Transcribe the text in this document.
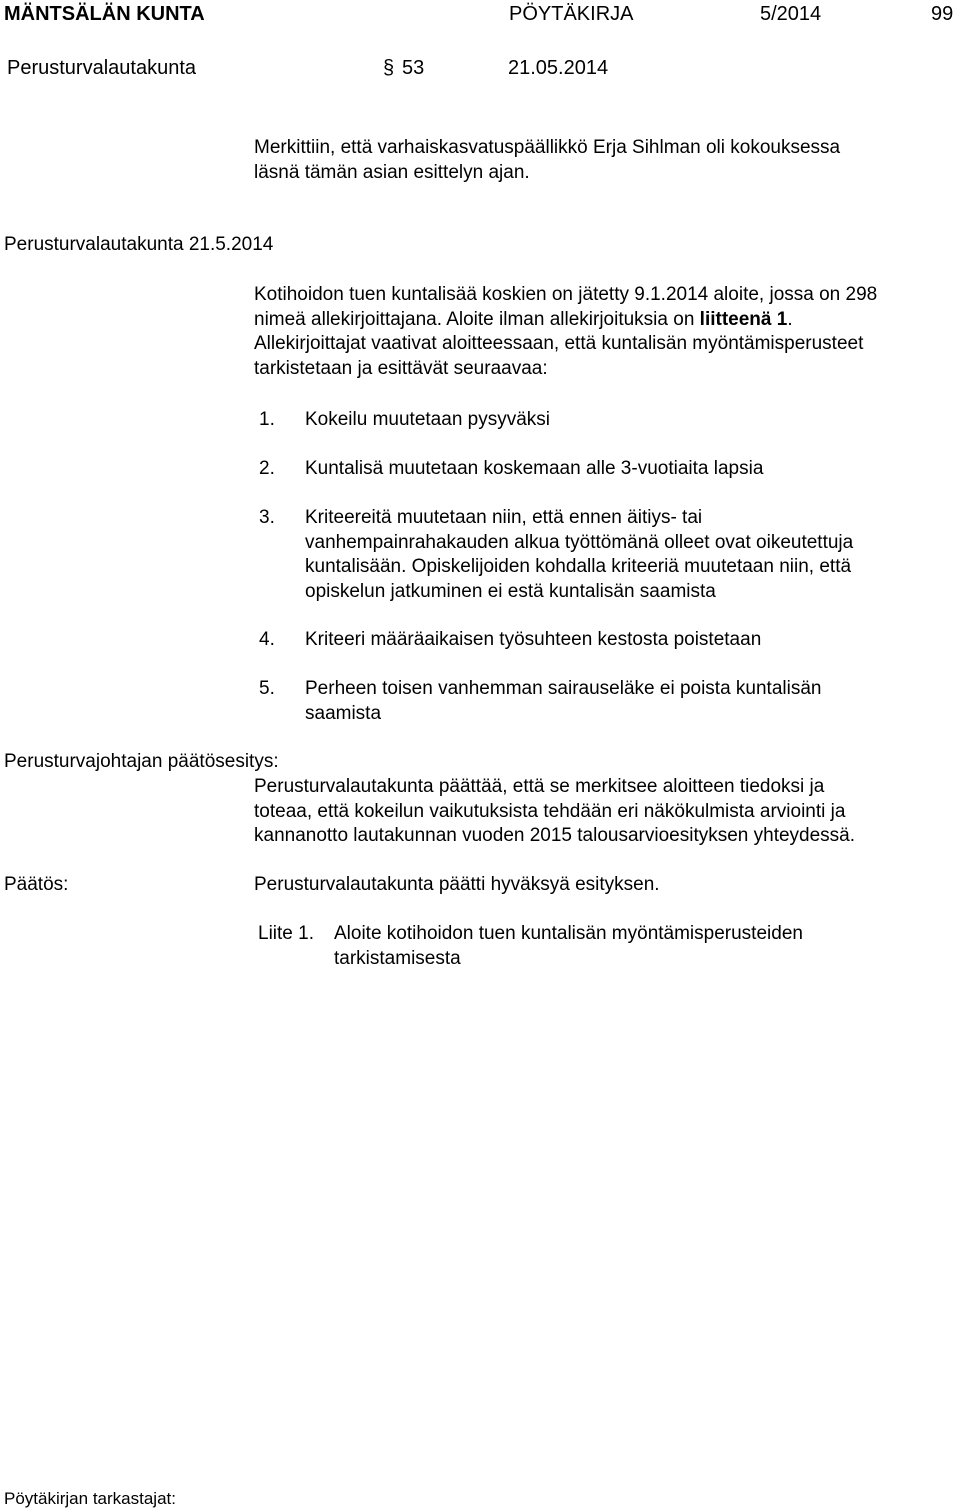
MÄNTSÄLÄN KUNTA	PÖYTÄKIRJA	5/2014	99
Perusturvalautakunta	§ 53	21.05.2014
Merkittiin, että varhaiskasvatuspäällikkö Erja Sihlman oli kokouksessa
läsnä tämän asian esittelyn ajan.
Perusturvalautakunta 21.5.2014
Kotihoidon tuen kuntalisää koskien on jätetty 9.1.2014 aloite, jossa on 298
nimeä allekirjoittajana. Aloite ilman allekirjoituksia on liitteenä 1.
Allekirjoittajat vaativat aloitteessaan, että kuntalisän myöntämisperusteet
tarkistetaan ja esittävät seuraavaa:
1. Kokeilu muutetaan pysyväksi
2. Kuntalisä muutetaan koskemaan alle 3-vuotiaita lapsia
3. Kriteereitä muutetaan niin, että ennen äitiys- tai
vanhempainrahakauden alkua työttömänä olleet ovat oikeutettuja
kuntalisään. Opiskelijoiden kohdalla kriteeriä muutetaan niin, että
opiskelun jatkuminen ei estä kuntalisän saamista
4. Kriteeri määräaikaisen työsuhteen kestosta poistetaan
5. Perheen toisen vanhemman sairauseläke ei poista kuntalisän
saamista
Perusturvajohtajan päätösesitys:
Perusturvalautakunta päättää, että se merkitsee aloitteen tiedoksi ja
toteaa, että kokeilun vaikutuksista tehdään eri näkökulmista arviointi ja
kannanotto lautakunnan vuoden 2015 talousarvioesityksen yhteydessä.
Päätös:	Perusturvalautakunta päätti hyväksyä esityksen.
Liite 1. Aloite kotihoidon tuen kuntalisän myöntämisperusteiden
tarkistamisesta
Pöytäkirjan tarkastajat:
